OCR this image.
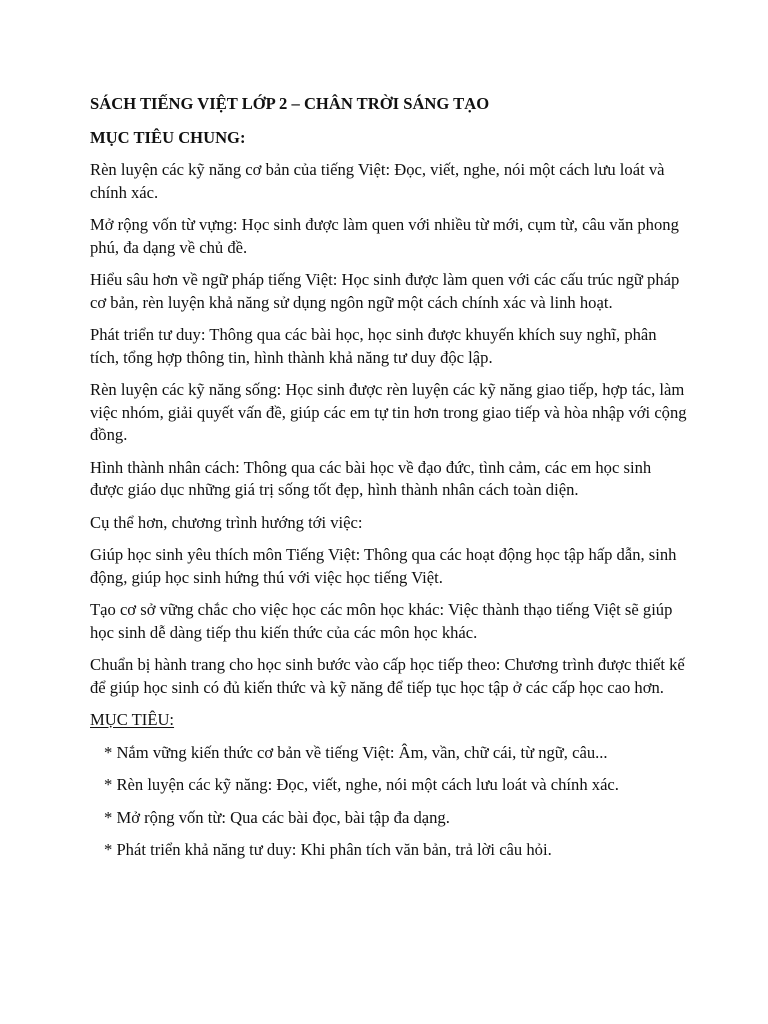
SÁCH TIẾNG VIỆT LỚP 2 – CHÂN TRỜI SÁNG TẠO

MỤC TIÊU CHUNG:

Rèn luyện các kỹ năng cơ bản của tiếng Việt: Đọc, viết, nghe, nói một cách lưu loát và chính xác.

Mở rộng vốn từ vựng: Học sinh được làm quen với nhiều từ mới, cụm từ, câu văn phong phú, đa dạng về chủ đề.

Hiểu sâu hơn về ngữ pháp tiếng Việt: Học sinh được làm quen với các cấu trúc ngữ pháp cơ bản, rèn luyện khả năng sử dụng ngôn ngữ một cách chính xác và linh hoạt.

Phát triển tư duy: Thông qua các bài học, học sinh được khuyến khích suy nghĩ, phân tích, tổng hợp thông tin, hình thành khả năng tư duy độc lập.

Rèn luyện các kỹ năng sống: Học sinh được rèn luyện các kỹ năng giao tiếp, hợp tác, làm việc nhóm, giải quyết vấn đề, giúp các em tự tin hơn trong giao tiếp và hòa nhập với cộng đồng.

Hình thành nhân cách: Thông qua các bài học về đạo đức, tình cảm, các em học sinh được giáo dục những giá trị sống tốt đẹp, hình thành nhân cách toàn diện.

Cụ thể hơn, chương trình hướng tới việc:

Giúp học sinh yêu thích môn Tiếng Việt: Thông qua các hoạt động học tập hấp dẫn, sinh động, giúp học sinh hứng thú với việc học tiếng Việt.

Tạo cơ sở vững chắc cho việc học các môn học khác: Việc thành thạo tiếng Việt sẽ giúp học sinh dễ dàng tiếp thu kiến thức của các môn học khác.

Chuẩn bị hành trang cho học sinh bước vào cấp học tiếp theo: Chương trình được thiết kế để giúp học sinh có đủ kiến thức và kỹ năng để tiếp tục học tập ở các cấp học cao hơn.

MỤC TIÊU:

* Nắm vững kiến thức cơ bản về tiếng Việt: Âm, vần, chữ cái, từ ngữ, câu...
* Rèn luyện các kỹ năng: Đọc, viết, nghe, nói một cách lưu loát và chính xác.
* Mở rộng vốn từ: Qua các bài đọc, bài tập đa dạng.
* Phát triển khả năng tư duy: Khi phân tích văn bản, trả lời câu hỏi.
